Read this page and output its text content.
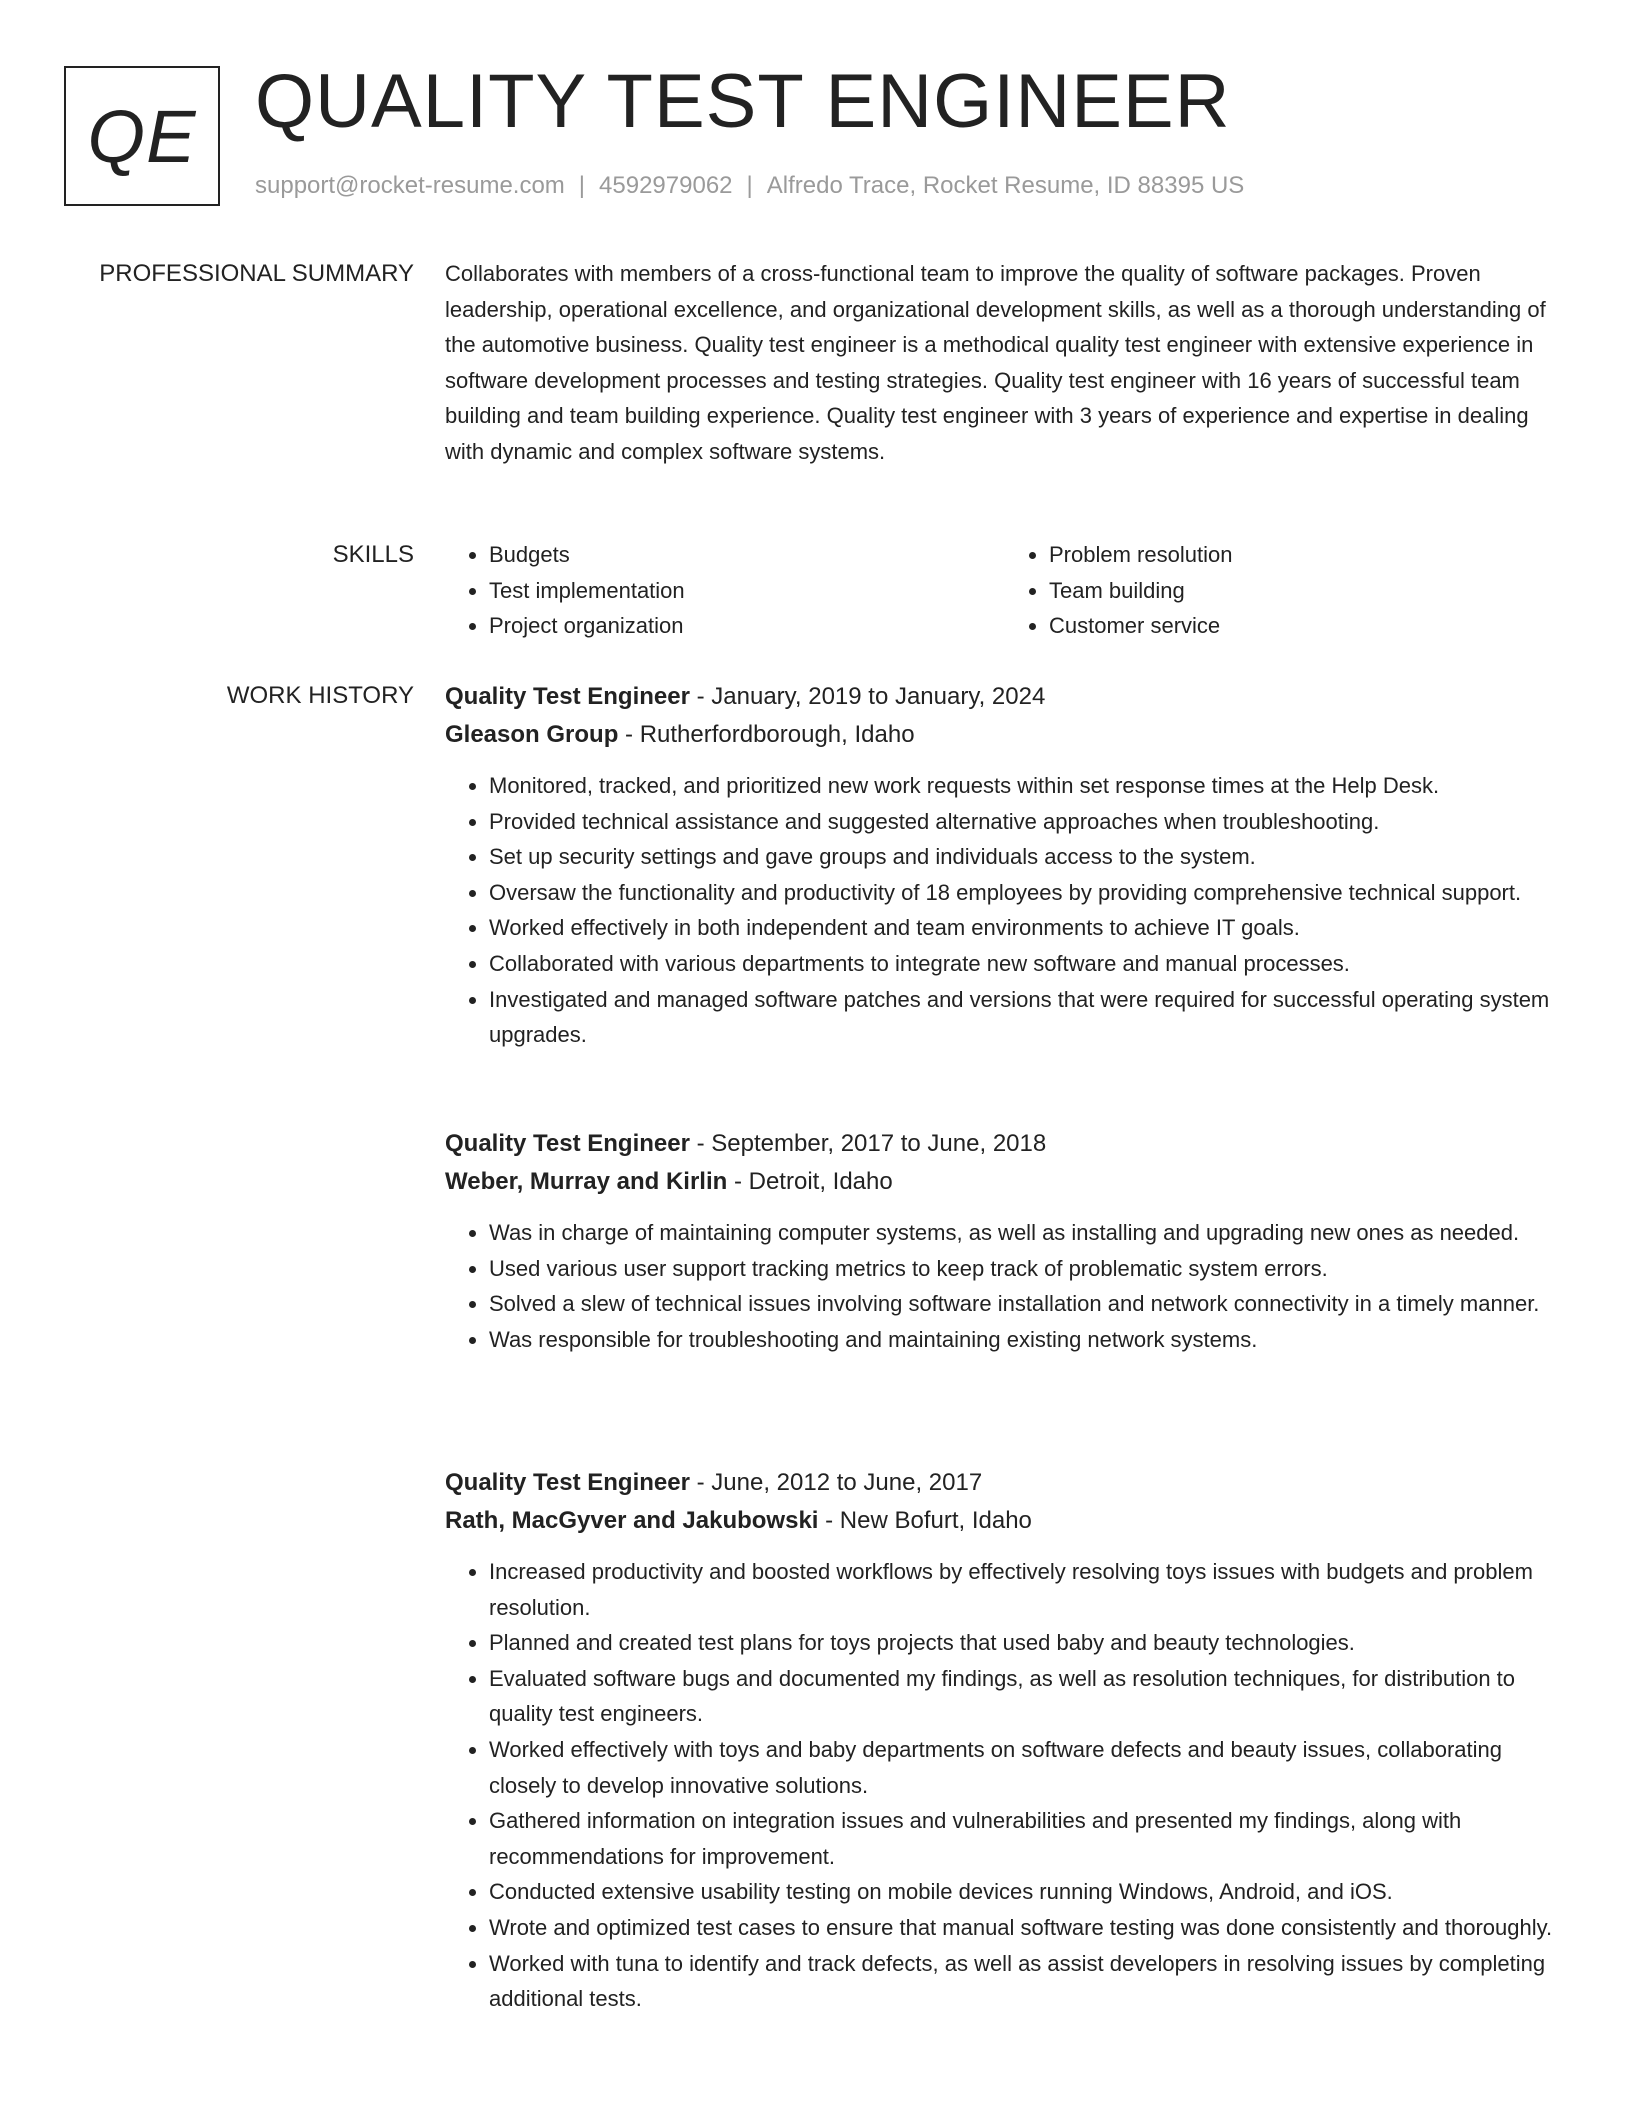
QE QUALITY TEST ENGINEER
support@rocket-resume.com | 4592979062 | Alfredo Trace, Rocket Resume, ID 88395 US
PROFESSIONAL SUMMARY Collaborates with members of a cross-functional team to improve the quality of software packages. Proven leadership, operational excellence, and organizational development skills, as well as a thorough understanding of the automotive business. Quality test engineer is a methodical quality test engineer with extensive experience in software development processes and testing strategies. Quality test engineer with 16 years of successful team building and team building experience. Quality test engineer with 3 years of experience and expertise in dealing with dynamic and complex software systems.

SKILLS
•	Budgets
• Test implementation
• Project organization
• Problem resolution
• Team building
• Customer service
WORK HISTORY Quality Test Engineer - January, 2019 to January, 2024
Gleason Group - Rutherfordborough, Idaho
• Monitored, tracked, and prioritized new work requests within set response times at the Help Desk.
• Provided technical assistance and suggested alternative approaches when troubleshooting.
• Set up security settings and gave groups and individuals access to the system.
• Oversaw the functionality and productivity of 18 employees by providing comprehensive technical support.
• Worked effectively in both independent and team environments to achieve IT goals.
• Collaborated with various departments to integrate new software and manual processes.
• Investigated and managed software patches and versions that were required for successful operating system upgrades.
Quality Test Engineer - September, 2017 to June, 2018
Weber, Murray and Kirlin - Detroit, Idaho
• Was in charge of maintaining computer systems, as well as installing and upgrading new ones as needed.
• Used various user support tracking metrics to keep track of problematic system errors.
• Solved a slew of technical issues involving software installation and network connectivity in a timely manner.
• Was responsible for troubleshooting and maintaining existing network systems.
Quality Test Engineer - June, 2012 to June, 2017
Rath, MacGyver and Jakubowski - New Bofurt, Idaho
• Increased productivity and boosted workflows by effectively resolving toys issues with budgets and problem resolution.
• Planned and created test plans for toys projects that used baby and beauty technologies.
• Evaluated software bugs and documented my findings, as well as resolution techniques, for distribution to quality test engineers.
• Worked effectively with toys and baby departments on software defects and beauty issues, collaborating closely to develop innovative solutions.
• Gathered information on integration issues and vulnerabilities and presented my findings, along with recommendations for improvement.
• Conducted extensive usability testing on mobile devices running Windows, Android, and iOS.
• Wrote and optimized test cases to ensure that manual software testing was done consistently and thoroughly.
• Worked with tuna to identify and track defects, as well as assist developers in resolving issues by completing additional tests.
